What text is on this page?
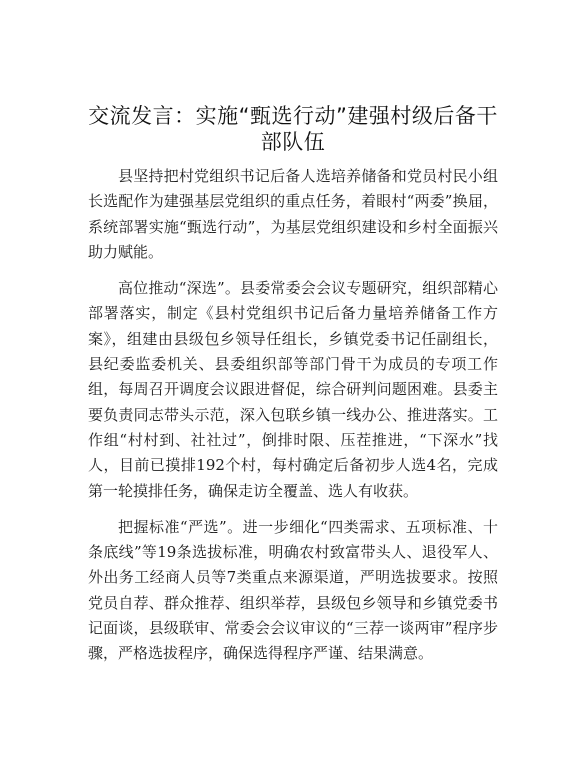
交流发言：实施“甄选行动”建强村级后备干部队伍

县坚持把村党组织书记后备人选培养储备和党员村民小组长选配作为建强基层党组织的重点任务，着眼村“两委”换届，系统部署实施“甄选行动”，为基层党组织建设和乡村全面振兴助力赋能。

高位推动“深选”。县委常委会会议专题研究，组织部精心部署落实，制定《县村党组织书记后备力量培养储备工作方案》，组建由县级包乡领导任组长，乡镇党委书记任副组长，县纪委监委机关、县委组织部等部门骨干为成员的专项工作组，每周召开调度会议跟进督促，综合研判问题困难。县委主要负责同志带头示范，深入包联乡镇一线办公、推进落实。工作组“村村到、社社过”，倒排时限、压茬推进，“下深水”找人，目前已摸排192个村，每村确定后备初步人选4名，完成第一轮摸排任务，确保走访全覆盖、选人有收获。

把握标准“严选”。进一步细化“四类需求、五项标准、十条底线”等19条选拔标准，明确农村致富带头人、退役军人、外出务工经商人员等7类重点来源渠道，严明选拔要求。按照党员自荐、群众推荐、组织举荐，县级包乡领导和乡镇党委书记面谈，县级联审、常委会会议审议的“三荐一谈两审”程序步骤，严格选拔程序，确保选得程序严谨、结果满意。
